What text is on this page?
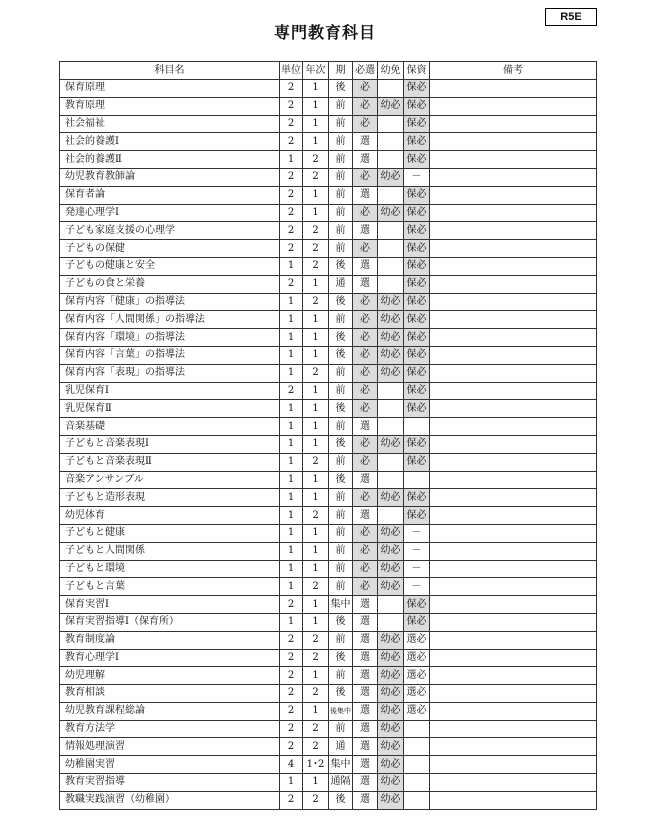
専門教育科目
R5E
科目名	単位	年次	期	必選	幼免	保資	備考
保育原理	2	1	後	必		保必	
教育原理	2	1	前	必	幼必	保必	
社会福祉	2	1	前	必		保必	
社会的養護Ⅰ	2	1	前	選		保必	
社会的養護Ⅱ	1	2	前	選		保必	
幼児教育教師論	2	2	前	必	幼必	－	
保育者論	2	1	前	選		保必	
発達心理学Ⅰ	2	1	前	必	幼必	保必	
子ども家庭支援の心理学	2	2	前	選		保必	
子どもの保健	2	2	前	必		保必	
子どもの健康と安全	1	2	後	選		保必	
子どもの食と栄養	2	1	通	選		保必	
保育内容「健康」の指導法	1	2	後	必	幼必	保必	
保育内容「人間関係」の指導法	1	1	前	必	幼必	保必	
保育内容「環境」の指導法	1	1	後	必	幼必	保必	
保育内容「言葉」の指導法	1	1	後	必	幼必	保必	
保育内容「表現」の指導法	1	2	前	必	幼必	保必	
乳児保育Ⅰ	2	1	前	必		保必	
乳児保育Ⅱ	1	1	後	必		保必	
音楽基礎	1	1	前	選			
子どもと音楽表現Ⅰ	1	1	後	必	幼必	保必	
子どもと音楽表現Ⅱ	1	2	前	必		保必	
音楽アンサンブル	1	1	後	選			
子どもと造形表現	1	1	前	必	幼必	保必	
幼児体育	1	2	前	選		保必	
子どもと健康	1	1	前	必	幼必	－	
子どもと人間関係	1	1	前	必	幼必	－	
子どもと環境	1	1	前	必	幼必	－	
子どもと言葉	1	2	前	必	幼必	－	
保育実習Ⅰ	2	1	集中	選		保必	
保育実習指導Ⅰ（保育所）	1	1	後	選		保必	
教育制度論	2	2	前	選	幼必	選必	
教育心理学Ⅰ	2	2	後	選	幼必	選必	
幼児理解	2	1	前	選	幼必	選必	
教育相談	2	2	後	選	幼必	選必	
幼児教育課程総論	2	1	後集中	選	幼必	選必	
教育方法学	2	2	前	選	幼必		
情報処理演習	2	2	通	選	幼必		
幼稚園実習	4	1･2	集中	選	幼必		
教育実習指導	1	1	通隔	選	幼必		
教職実践演習（幼稚園）	2	2	後	選	幼必		
